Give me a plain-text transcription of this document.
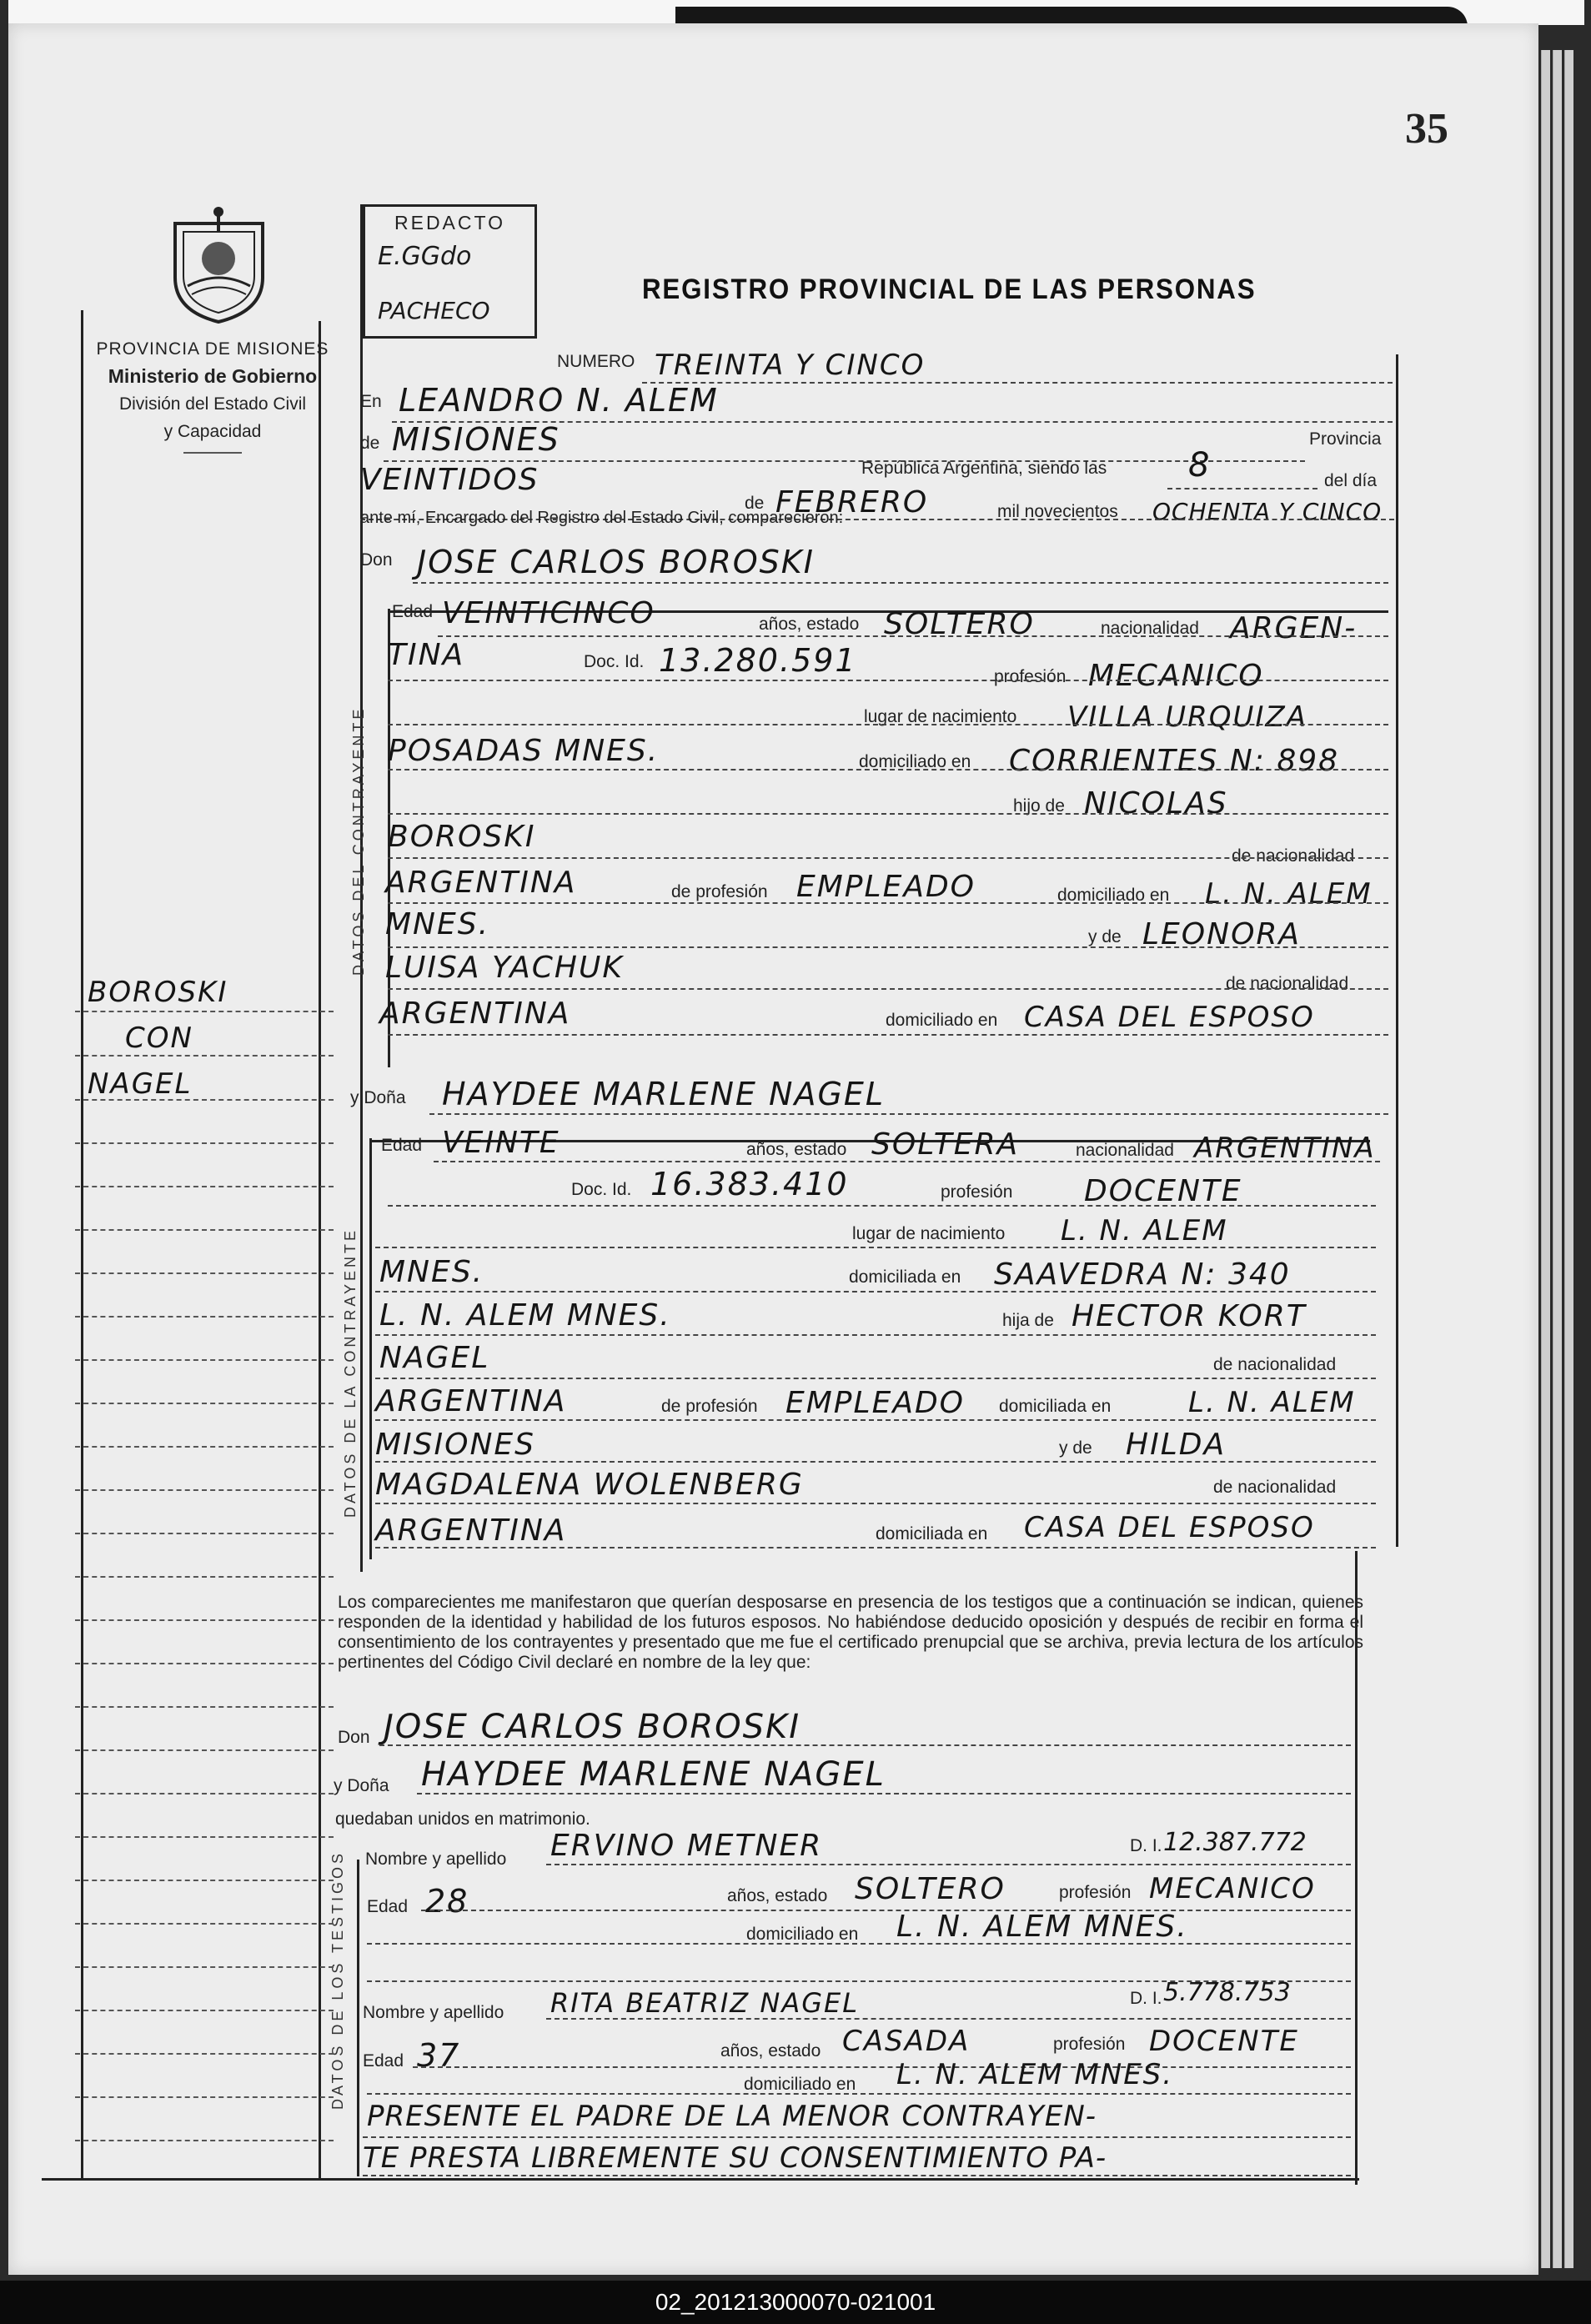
35
PROVINCIA DE MISIONES
Ministerio de Gobierno
División del Estado Civil
y Capacidad
REDACTO
E.GGdo
PACHECO
REGISTRO PROVINCIAL DE LAS PERSONAS
DATOS DEL CONTRAYENTE
DATOS DE LA CONTRAYENTE
DATOS DE LOS TESTIGOS
BOROSKI
CON
NAGEL
NUMERO TREINTA Y CINCO
En LEANDRO N. ALEM
de MISIONES	Provincia
VEINTIDOS	República Argentina, siendo las 8	del día
de FEBRERO	mil novecientos OCHENTA Y CINCO
ante mí, Encargado del Registro del Estado Civil, comparecieron:
Don JOSE CARLOS BOROSKI
Edad VEINTICINCO	años, estado SOLTERO	nacionalidad ARGEN-
TINA	Doc. Id. 13.280.591	profesión MECANICO
lugar de nacimiento VILLA URQUIZA
POSADAS MNES.	domiciliado en CORRIENTES N: 898
hijo de NICOLAS
BOROSKI
de nacionalidad
ARGENTINA	de profesión EMPLEADO	domiciliado en L. N. ALEM
MNES.	y de LEONORA
LUISA YACHUK	de nacionalidad
ARGENTINA	domiciliado en CASA DEL ESPOSO
y Doña HAYDEE MARLENE NAGEL
Edad VEINTE	años, estado SOLTERA	nacionalidad ARGENTINA
Doc. Id. 16.383.410	profesión DOCENTE
lugar de nacimiento L. N. ALEM
MNES.	domiciliada en SAAVEDRA N: 340
L. N. ALEM MNES.	hija de HECTOR KORT
NAGEL	de nacionalidad
ARGENTINA	de profesión EMPLEADO domiciliada en	L. N. ALEM
MISIONES	y de HILDA
MAGDALENA WOLENBERG	de nacionalidad
ARGENTINA	domiciliada en CASA DEL ESPOSO
Los comparecientes me manifestaron que querían desposarse en presencia de los testigos que a continuación se indican, quienes responden de la identidad y habilidad de los futuros esposos. No habiéndose deducido oposición y después de recibir en forma el consentimiento de los contrayentes y presentado que me fue el certificado prenupcial que se archiva, previa lectura de los artículos pertinentes del Código Civil declaré en nombre de la ley que:
Don JOSE CARLOS BOROSKI
y Doña HAYDEE MARLENE NAGEL
quedaban unidos en matrimonio.
Nombre y apellido ERVINO METNER	D. I. 12.387.772
Edad 28	años, estado SOLTERO	profesión MECANICO
domiciliado en L. N. ALEM MNES.
Nombre y apellido RITA BEATRIZ NAGEL	D. I. 5.778.753
Edad 37	años, estado CASADA	profesión DOCENTE
domiciliado en L. N. ALEM MNES.
PRESENTE EL PADRE DE LA MENOR CONTRAYEN-
TE PRESTA LIBREMENTE SU CONSENTIMIENTO PA-
02_201213000070-021001
